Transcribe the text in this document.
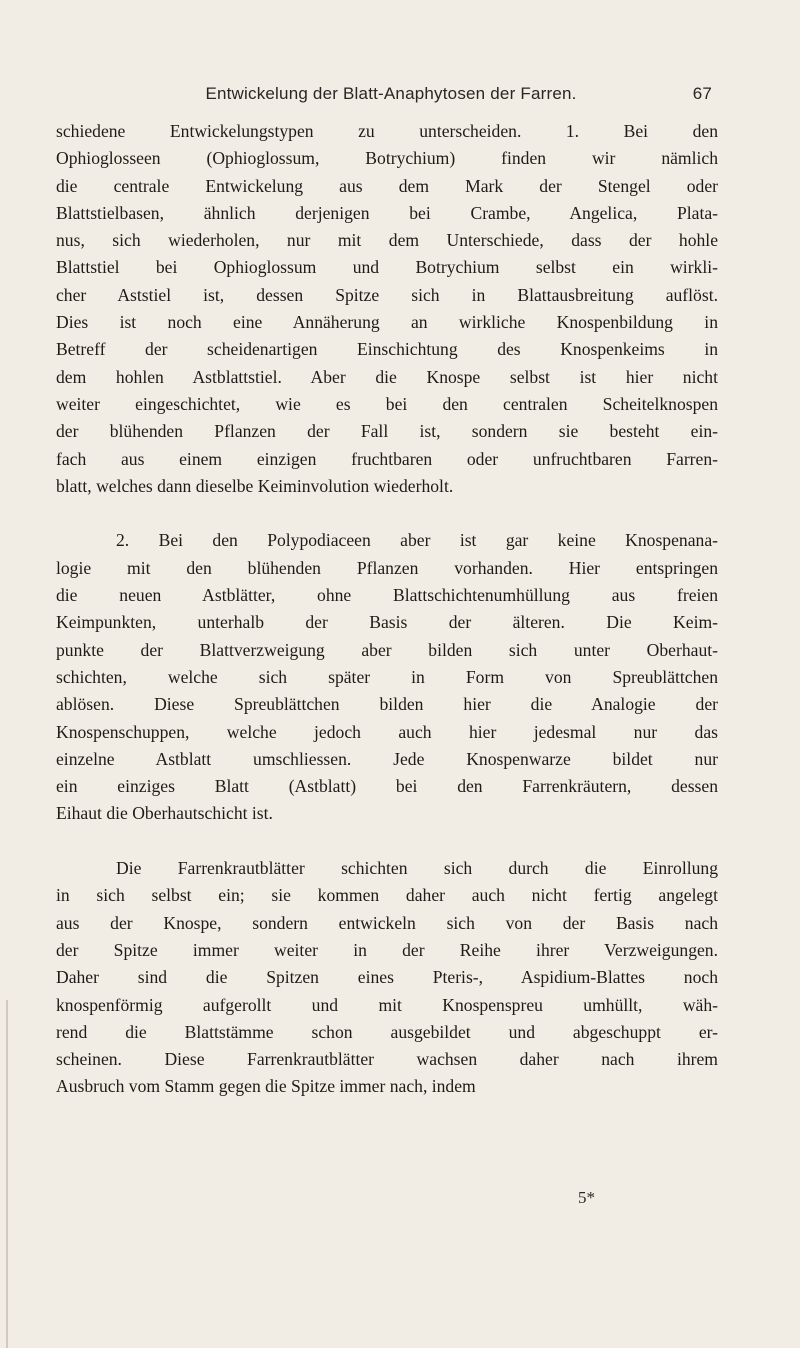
Entwickelung der Blatt-Anaphytosen der Farren.	67
schiedene Entwickelungstypen zu unterscheiden. 1. Bei den
Ophioglosseen (Ophioglossum, Botrychium) finden wir nämlich
die centrale Entwickelung aus dem Mark der Stengel oder
Blattstielbasen, ähnlich derjenigen bei Crambe, Angelica, Plata-
nus, sich wiederholen, nur mit dem Unterschiede, dass der hohle
Blattstiel bei Ophioglossum und Botrychium selbst ein wirkli-
cher Aststiel ist, dessen Spitze sich in Blattausbreitung auflöst.
Dies ist noch eine Annäherung an wirkliche Knospenbildung in
Betreff der scheidenartigen Einschichtung des Knospenkeims in
dem hohlen Astblattstiel. Aber die Knospe selbst ist hier nicht
weiter eingeschichtet, wie es bei den centralen Scheitelknospen
der blühenden Pflanzen der Fall ist, sondern sie besteht ein-
fach aus einem einzigen fruchtbaren oder unfruchtbaren Farren-
blatt, welches dann dieselbe Keiminvolution wiederholt.
2. Bei den Polypodiaceen aber ist gar keine Knospenana-
logie mit den blühenden Pflanzen vorhanden. Hier entspringen
die neuen Astblätter, ohne Blattschichtenumhüllung aus freien
Keimpunkten, unterhalb der Basis der älteren. Die Keim-
punkte der Blattverzweigung aber bilden sich unter Oberhaut-
schichten, welche sich später in Form von Spreublättchen
ablösen. Diese Spreublättchen bilden hier die Analogie der
Knospenschuppen, welche jedoch auch hier jedesmal nur das
einzelne Astblatt umschliessen. Jede Knospenwarze bildet nur
ein einziges Blatt (Astblatt) bei den Farrenkräutern, dessen
Eihaut die Oberhautschicht ist.
Die Farrenkrautblätter schichten sich durch die Einrollung
in sich selbst ein; sie kommen daher auch nicht fertig angelegt
aus der Knospe, sondern entwickeln sich von der Basis nach
der Spitze immer weiter in der Reihe ihrer Verzweigungen.
Daher sind die Spitzen eines Pteris-, Aspidium-Blattes noch
knospenförmig aufgerollt und mit Knospenspreu umhüllt, wäh-
rend die Blattstämme schon ausgebildet und abgeschuppt er-
scheinen. Diese Farrenkrautblätter wachsen daher nach ihrem
Ausbruch vom Stamm gegen die Spitze immer nach, indem
5*
